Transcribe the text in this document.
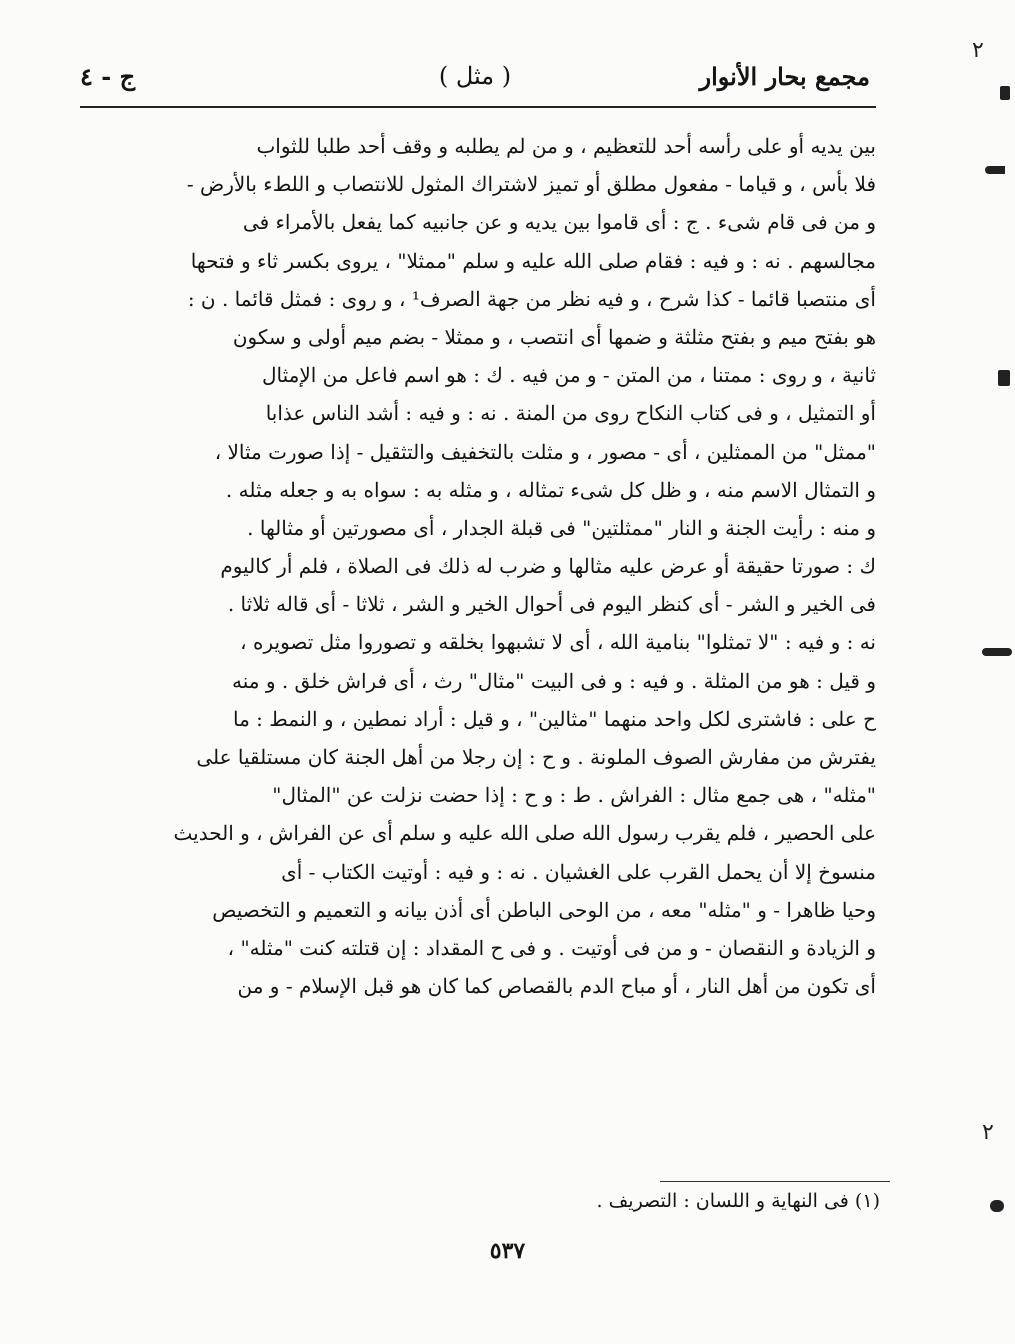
مجمع بحار الأنوار
( مثل )
ج - ٤
بين يديه أو على رأسه أحد للتعظيم ، و من لم يطلبه و وقف أحد طلبا للثواب
فلا بأس ، و قياما - مفعول مطلق أو تميز لاشتراك المثول للانتصاب و اللطء بالأرض -
و من فى قام شىء . ج : أى قاموا بين يديه و عن جانبيه كما يفعل بالأمراء فى
مجالسهم . نه : و فيه : فقام صلى الله عليه و سلم "ممثلا" ، يروى بكسر ثاء و فتحها
أى منتصبا قائما - كذا شرح ، و فيه نظر من جهة الصرف¹ ، و روى : فمثل قائما . ن :
هو بفتح ميم و بفتح مثلثة و ضمها أى انتصب ، و ممثلا - بضم ميم أولى و سكون
ثانية ، و روى : ممتنا ، من المتن - و من فيه . ك : هو اسم فاعل من الإمثال
أو التمثيل ، و فى كتاب النكاح روى من المنة . نه : و فيه : أشد الناس عذابا
"ممثل" من الممثلين ، أى - مصور ، و مثلت بالتخفيف والتثقيل - إذا صورت مثالا ،
و التمثال الاسم منه ، و ظل كل شىء تمثاله ، و مثله به : سواه به و جعله مثله .
و منه : رأيت الجنة و النار "ممثلتين" فى قبلة الجدار ، أى مصورتين أو مثالها .
ك : صورتا حقيقة أو عرض عليه مثالها و ضرب له ذلك فى الصلاة ، فلم أر كاليوم
فى الخير و الشر - أى كنظر اليوم فى أحوال الخير و الشر ، ثلاثا - أى قاله ثلاثا .
نه : و فيه : "لا تمثلوا" بنامية الله ، أى لا تشبهوا بخلقه و تصوروا مثل تصويره ،
و قيل : هو من المثلة . و فيه : و فى البيت "مثال" رث ، أى فراش خلق . و منه
ح على : فاشترى لكل واحد منهما "مثالين" ، و قيل : أراد نمطين ، و النمط : ما
يفترش من مفارش الصوف الملونة . و ح : إن رجلا من أهل الجنة كان مستلقيا على
"مثله" ، هى جمع مثال : الفراش . ط : و ح : إذا حضت نزلت عن "المثال"
على الحصير ، فلم يقرب رسول الله صلى الله عليه و سلم أى عن الفراش ، و الحديث
منسوخ إلا أن يحمل القرب على الغشيان . نه : و فيه : أوتيت الكتاب - أى
وحيا ظاهرا - و "مثله" معه ، من الوحى الباطن أى أذن بيانه و التعميم و التخصيص
و الزيادة و النقصان - و من فى أوتيت . و فى ح المقداد : إن قتلته كنت "مثله" ،
أى تكون من أهل النار ، أو مباح الدم بالقصاص كما كان هو قبل الإسلام - و من
(١) فى النهاية و اللسان : التصريف .
٥٣٧
٢
٢
